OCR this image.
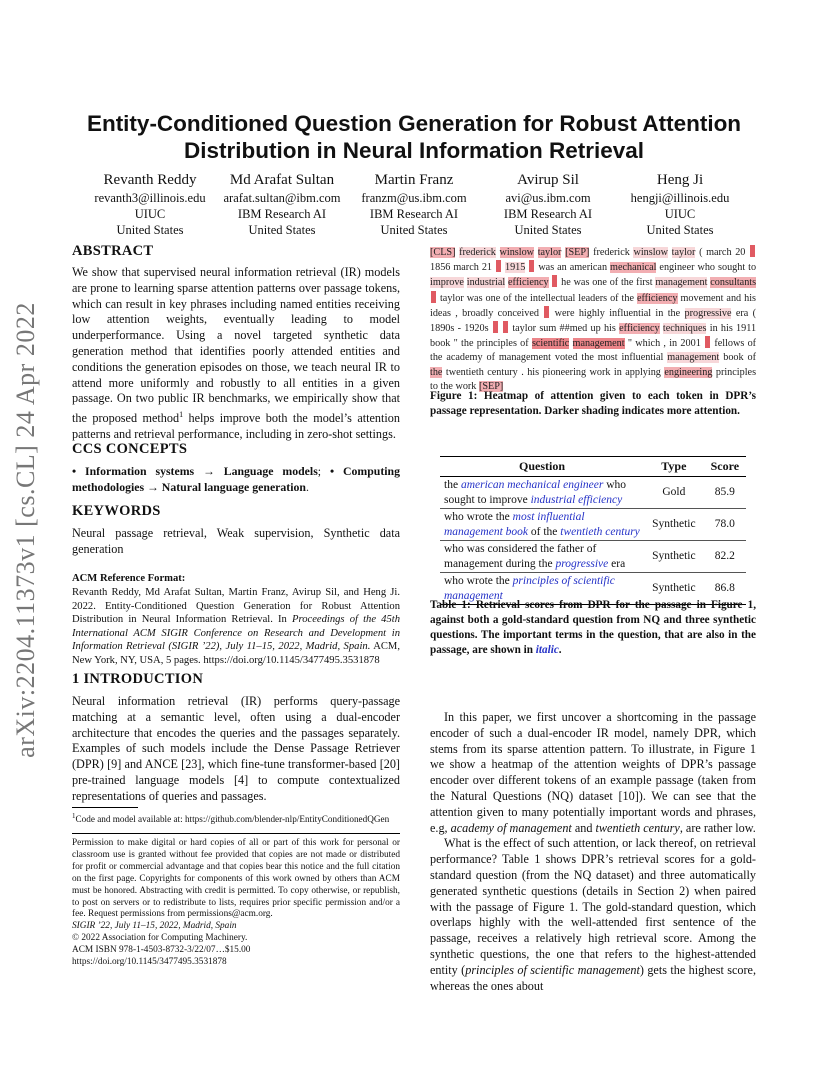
arXiv:2204.11373v1 [cs.CL] 24 Apr 2022
Entity-Conditioned Question Generation for Robust Attention Distribution in Neural Information Retrieval
Revanth Reddy
revanth3@illinois.edu
UIUC
United States
Md Arafat Sultan
arafat.sultan@ibm.com
IBM Research AI
United States
Martin Franz
franzm@us.ibm.com
IBM Research AI
United States
Avirup Sil
avi@us.ibm.com
IBM Research AI
United States
Heng Ji
hengji@illinois.edu
UIUC
United States
ABSTRACT

We show that supervised neural information retrieval (IR) models are prone to learning sparse attention patterns over passage tokens, which can result in key phrases including named entities receiving low attention weights, eventually leading to model underperformance. Using a novel targeted synthetic data generation method that identifies poorly attended entities and conditions the generation episodes on those, we teach neural IR to attend more uniformly and robustly to all entities in a given passage. On two public IR benchmarks, we empirically show that the proposed method$^1$ helps improve both the model’s attention patterns and retrieval performance, including in zero-shot settings.

CCS CONCEPTS

• Information systems → Language models; • Computing methodologies → Natural language generation.

KEYWORDS

Neural passage retrieval, Weak supervision, Synthetic data generation

ACM Reference Format:

Revanth Reddy, Md Arafat Sultan, Martin Franz, Avirup Sil, and Heng Ji. 2022. Entity-Conditioned Question Generation for Robust Attention Distribution in Neural Information Retrieval. In Proceedings of the 45th International ACM SIGIR Conference on Research and Development in Information Retrieval (SIGIR ’22), July 11–15, 2022, Madrid, Spain. ACM, New York, NY, USA, 5 pages. https://doi.org/10.1145/3477495.3531878

1 INTRODUCTION

Neural information retrieval (IR) performs query-passage matching at a semantic level, often using a dual-encoder architecture that encodes the queries and the passages separately. Examples of such models include the Dense Passage Retriever (DPR) [9] and ANCE [23], which fine-tune transformer-based [20] pre-trained language models [4] to compute contextualized representations of queries and passages.

$^1$Code and model available at: https://github.com/blender-nlp/EntityConditionedQGen

Permission to make digital or hard copies of all or part of this work for personal or classroom use is granted without fee provided that copies are not made or distributed for profit or commercial advantage and that copies bear this notice and the full citation on the first page. Copyrights for components of this work owned by others than ACM must be honored. Abstracting with credit is permitted. To copy otherwise, or republish, to post on servers or to redistribute to lists, requires prior specific permission and/or a fee. Request permissions from permissions@acm.org.

SIGIR ’22, July 11–15, 2022, Madrid, Spain
© 2022 Association for Computing Machinery.
ACM ISBN 978-1-4503-8732-3/22/07…$15.00
https://doi.org/10.1145/3477495.3531878
[CLS] frederick winslow taylor [SEP] frederick winslow taylor ( march 20  1856 march 21 1915 was an american mechanical engineer who sought to improve industrial efficiency he was one of the first management consultants  taylor was one of the intellectual leaders of the efficiency movement and his ideas , broadly conceived were highly influential in the progressive era ( 1890s - 1920s taylor sum ##med up his efficiency techniques in his 1911 book " the principles of scientific management " which , in 2001 fellows of the academy of management voted the most influential management book of the twentieth century . his pioneering work in applying engineering principles to the work [SEP]
Figure 1: Heatmap of attention given to each token in DPR’s passage representation. Darker shading indicates more attention.
Question	Type	Score
the american mechanical engineer who sought to improve industrial efficiency	Gold	85.9
who wrote the most influential management book of the twentieth century	Synthetic	78.0
who was considered the father of management during the progressive era	Synthetic	82.2
who wrote the principles of scientific management	Synthetic	86.8
Table 1: Retrieval scores from DPR for the passage in Figure 1, against both a gold-standard question from NQ and three synthetic questions. The important terms in the question, that are also in the passage, are shown in italic.

In this paper, we first uncover a shortcoming in the passage encoder of such a dual-encoder IR model, namely DPR, which stems from its sparse attention pattern. To illustrate, in Figure 1 we show a heatmap of the attention weights of DPR’s passage encoder over different tokens of an example passage (taken from the Natural Questions (NQ) dataset [10]). We can see that the attention given to many potentially important words and phrases, e.g, academy of management and twentieth century, are rather low.

What is the effect of such attention, or lack thereof, on retrieval performance? Table 1 shows DPR’s retrieval scores for a gold-standard question (from the NQ dataset) and three automatically generated synthetic questions (details in Section 2) when paired with the passage of Figure 1. The gold-standard question, which overlaps highly with the well-attended first sentence of the passage, receives a relatively high retrieval score. Among the synthetic questions, the one that refers to the highest-attended entity (principles of scientific management) gets the highest score, whereas the ones about
